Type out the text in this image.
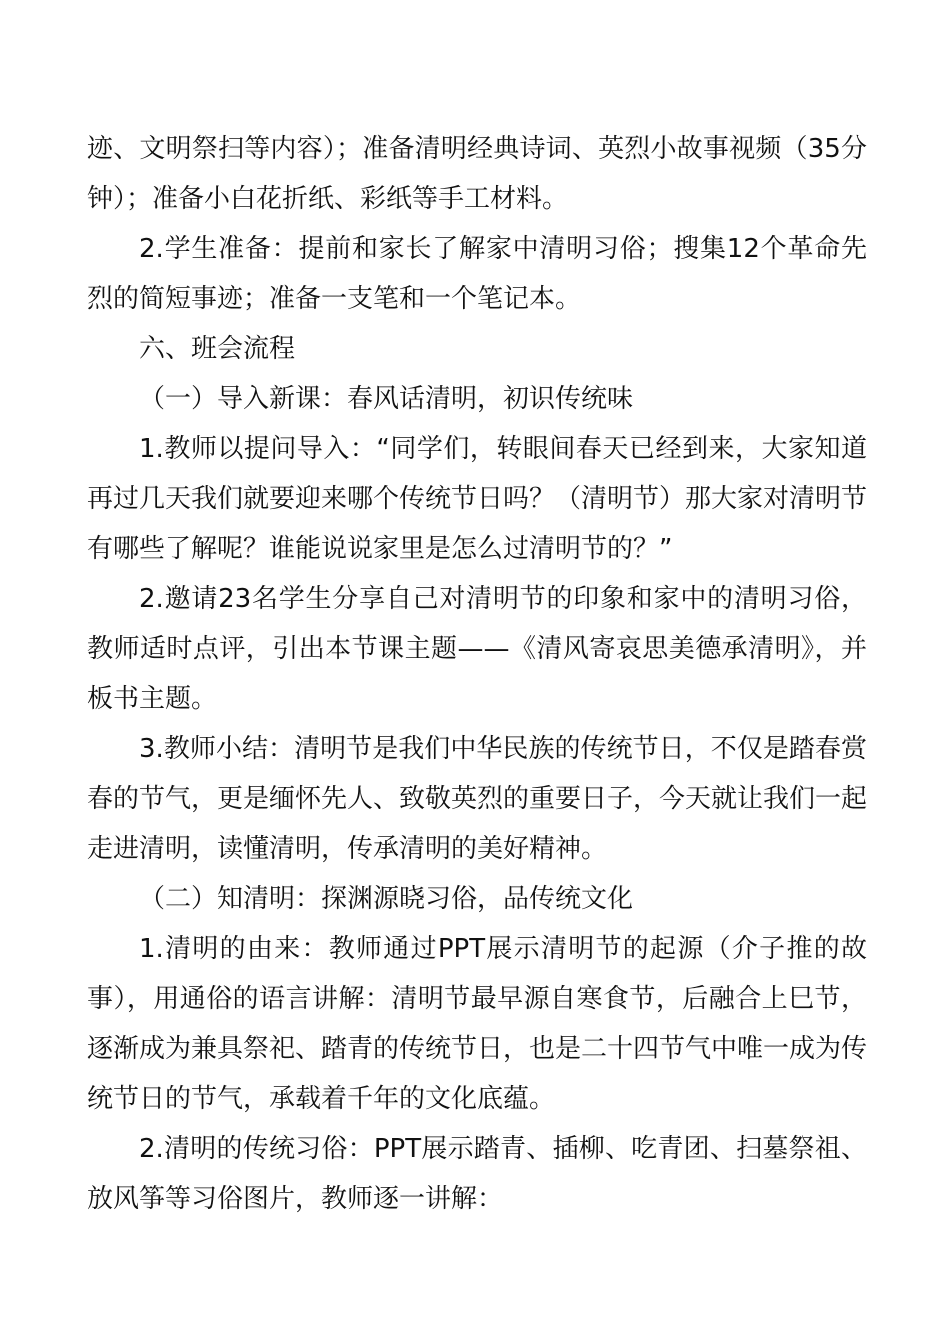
迹、文明祭扫等内容）；准备清明经典诗词、英烈小故事视频（35分钟）；准备小白花折纸、彩纸等手工材料。

2.学生准备：提前和家长了解家中清明习俗；搜集12个革命先烈的简短事迹；准备一支笔和一个笔记本。

六、班会流程

（一）导入新课：春风话清明，初识传统味

1.教师以提问导入：“同学们，转眼间春天已经到来，大家知道再过几天我们就要迎来哪个传统节日吗？（清明节）那大家对清明节有哪些了解呢？谁能说说家里是怎么过清明节的？”

2.邀请23名学生分享自己对清明节的印象和家中的清明习俗，教师适时点评，引出本节课主题——《清风寄哀思美德承清明》，并板书主题。

3.教师小结：清明节是我们中华民族的传统节日，不仅是踏春赏春的节气，更是缅怀先人、致敬英烈的重要日子，今天就让我们一起走进清明，读懂清明，传承清明的美好精神。

（二）知清明：探渊源晓习俗，品传统文化

1.清明的由来：教师通过PPT展示清明节的起源（介子推的故事），用通俗的语言讲解：清明节最早源自寒食节，后融合上巳节，逐渐成为兼具祭祀、踏青的传统节日，也是二十四节气中唯一成为传统节日的节气，承载着千年的文化底蕴。

2.清明的传统习俗：PPT展示踏青、插柳、吃青团、扫墓祭祖、放风筝等习俗图片，教师逐一讲解：
